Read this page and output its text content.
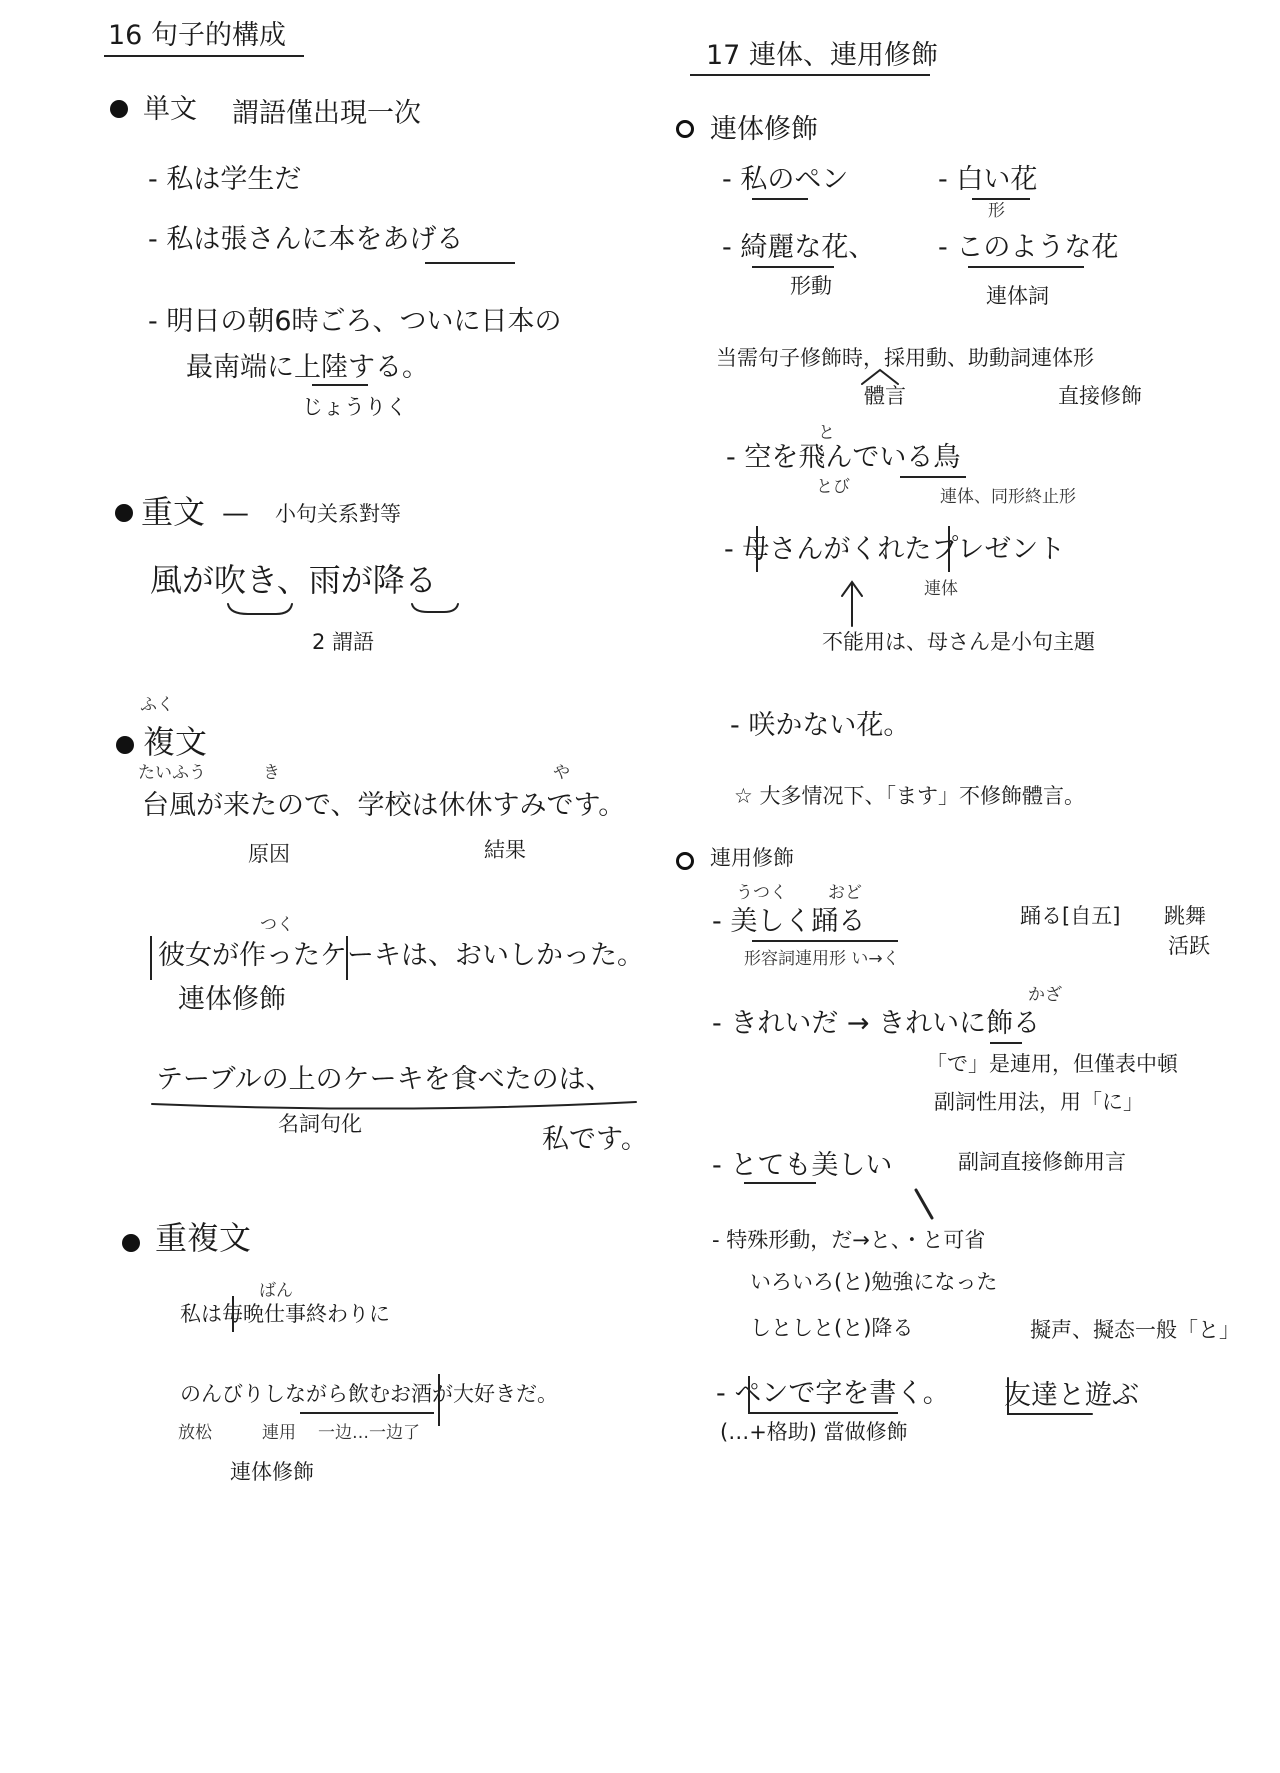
16 句子的構成
単文 謂語僅出現一次
- 私は学生だ
- 私は張さんに本をあげる
- 明日の朝6時ごろ、ついに日本の
最南端に上陸する。
じょうりく
重文 — 小句关系對等
風が吹き、雨が降る
2 謂語
ふく
複文
たいふう	き	や
台風が来たので、学校は休休すみです。
原因	結果
つく
彼女が作ったケーキは、おいしかった。
連体修飾
テーブルの上のケーキを食べたのは、
名詞句化	私です。
重複文
ばん
私は毎晩仕事終わりに
のんびりしながら飲むお酒が大好きだ。
放松	連用 一边…一边了
連体修飾
17 連体、連用修飾
連体修飾
- 私のペン	- 白い花
形
- 綺麗な花、
形動
- このような花
連体詞
当需句子修飾時，採用動、助動詞連体形
體言	直接修飾
と
- 空を飛んでいる鳥
とび	連体、同形終止形
- 母さんがくれたプレゼント
連体
不能用は、母さん是小句主題
- 咲かない花。
☆ 大多情况下、「ます」不修飾體言。
連用修飾
うつく おど
- 美しく踊る
形容詞連用形 い→く
踊る[自五] 跳舞
活跃
かざ
- きれいだ → きれいに飾る
「で」是連用，但僅表中頓
副詞性用法，用「に」
- とても美しい	副詞直接修飾用言
- 特殊形動，だ→と、・と可省
いろいろ(と)勉強になった
しとしと(と)降る	擬声、擬态一般「と」
- ペンで字を書く。 友達と遊ぶ
(…+格助) 當做修飾
